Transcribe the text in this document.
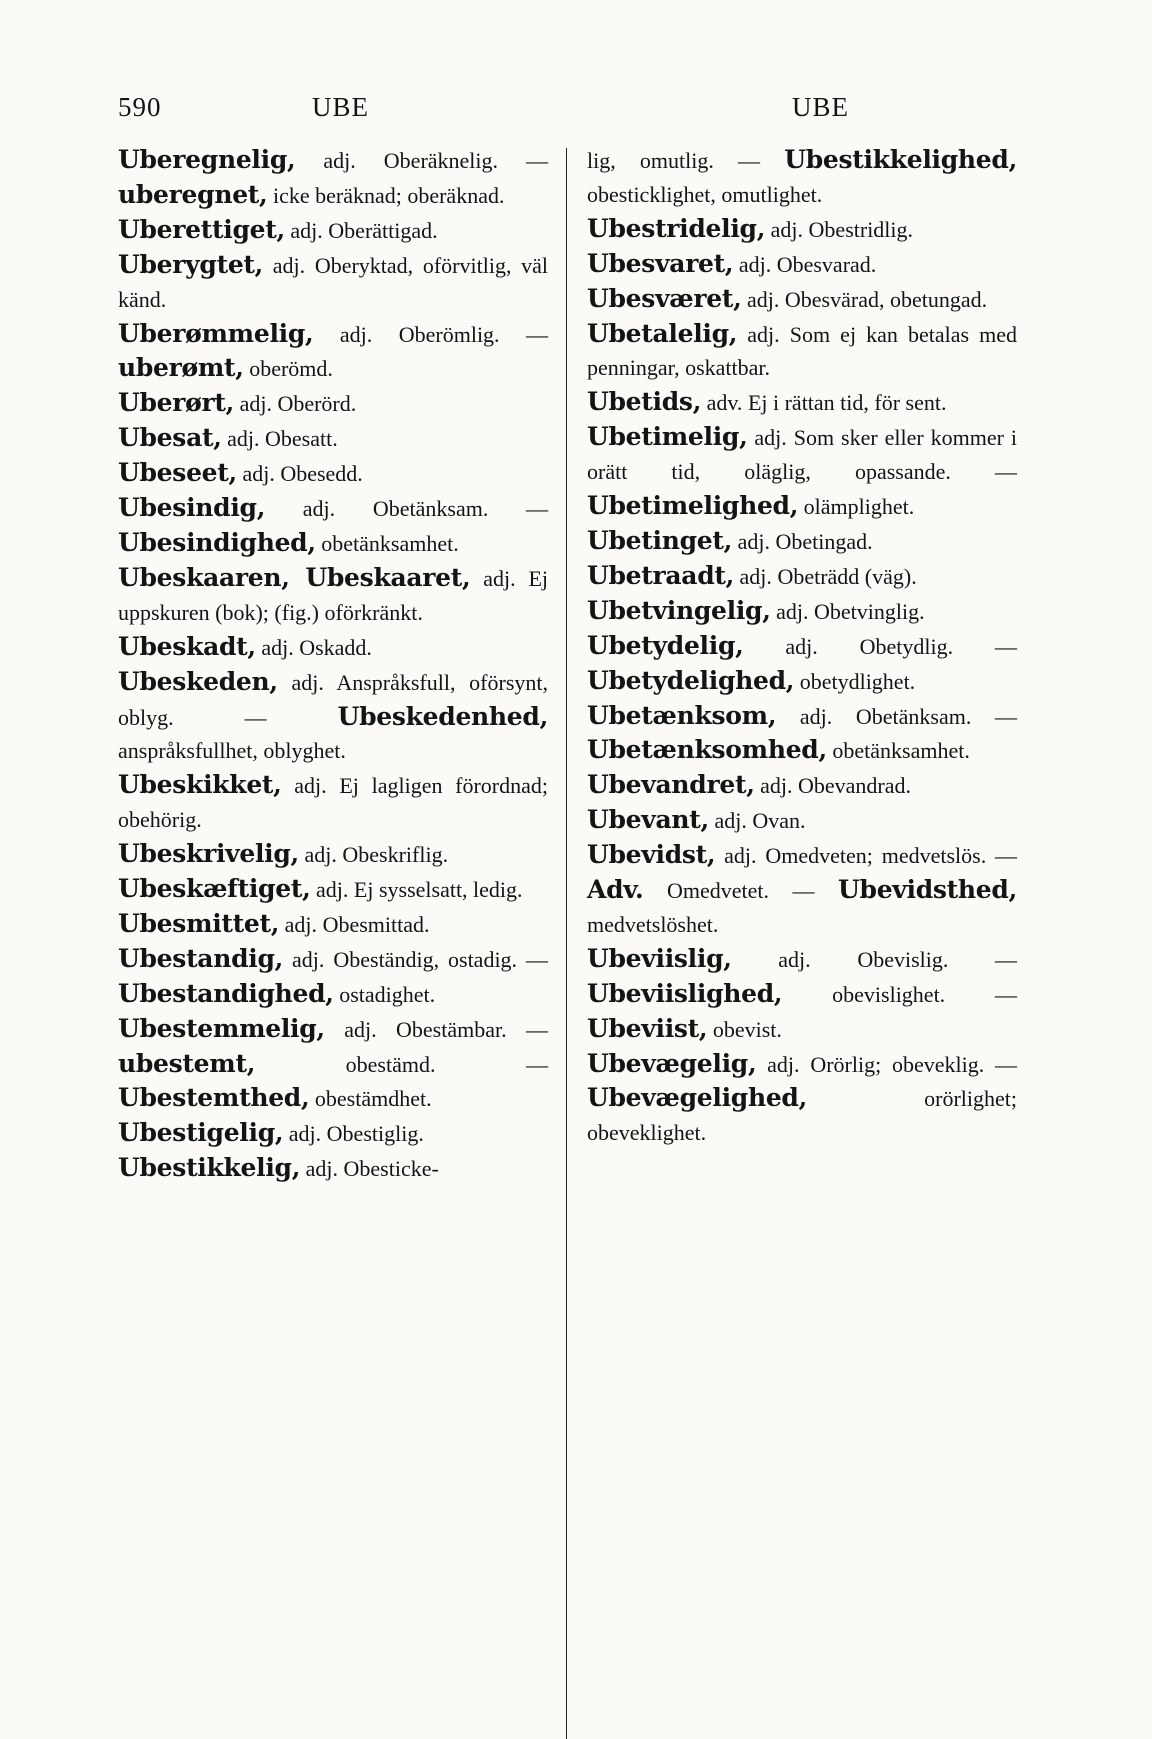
590	UBE	UBE
Uberegnelig, adj. Oberäknelig. — uberegnet, icke beräknad; oberäknad.
Uberettiget, adj. Oberättigad.
Uberygtet, adj. Oberyktad, oförvitlig, väl känd.
Uberømmelig, adj. Oberömlig. — uberømt, oberömd.
Uberørt, adj. Oberörd.
Ubesat, adj. Obesatt.
Ubeseet, adj. Obesedd.
Ubesindig, adj. Obetänksam. — Ubesindighed, obetänksamhet.
Ubeskaaren, Ubeskaaret, adj. Ej uppskuren (bok); (fig.) oförkränkt.
Ubeskadt, adj. Oskadd.
Ubeskeden, adj. Anspråksfull, oförsynt, oblyg. — Ubeskedenhed, anspråksfullhet, oblyghet.
Ubeskikket, adj. Ej lagligen förordnad; obehörig.
Ubeskrivelig, adj. Obeskriflig.
Ubeskæftiget, adj. Ej sysselsatt, ledig.
Ubesmittet, adj. Obesmittad.
Ubestandig, adj. Obeständig, ostadig. — Ubestandighed, ostadighet.
Ubestemmelig, adj. Obestämbar. — ubestemt,	obestämd. — Ubestemthed, obestämdhet.
Ubestigelig, adj. Obestiglig.
Ubestikkelig, adj. Obesticke-
lig, omutlig. — Ubestikkelighed, obesticklighet, omutlighet.
Ubestridelig, adj. Obestridlig.
Ubesvaret, adj. Obesvarad.
Ubesværet, adj. Obesvärad, obetungad.
Ubetalelig, adj. Som ej kan betalas med penningar, oskattbar.
Ubetids, adv. Ej i rättan tid, för sent.
Ubetimelig, adj. Som sker eller kommer i orätt tid, oläglig, opassande. — Ubetimelighed, olämplighet.
Ubetinget, adj. Obetingad.
Ubetraadt, adj. Obeträdd (väg).
Ubetvingelig, adj. Obetvinglig.
Ubetydelig, adj. Obetydlig. — Ubetydelighed, obetydlighet.
Ubetænksom, adj. Obetänksam. — Ubetænksomhed, obetänksamhet.
Ubevandret, adj. Obevandrad.
Ubevant, adj. Ovan.
Ubevidst, adj. Omedveten; medvetslös. — Adv. Omedvetet. — Ubevidsthed, medvetslöshet.
Ubeviislig, adj. Obevislig. — Ubeviislighed, obevislighet. — Ubeviist, obevist.
Ubevægelig, adj. Orörlig; obeveklig. — Ubevægelighed,	orörlighet; obeveklighet.
